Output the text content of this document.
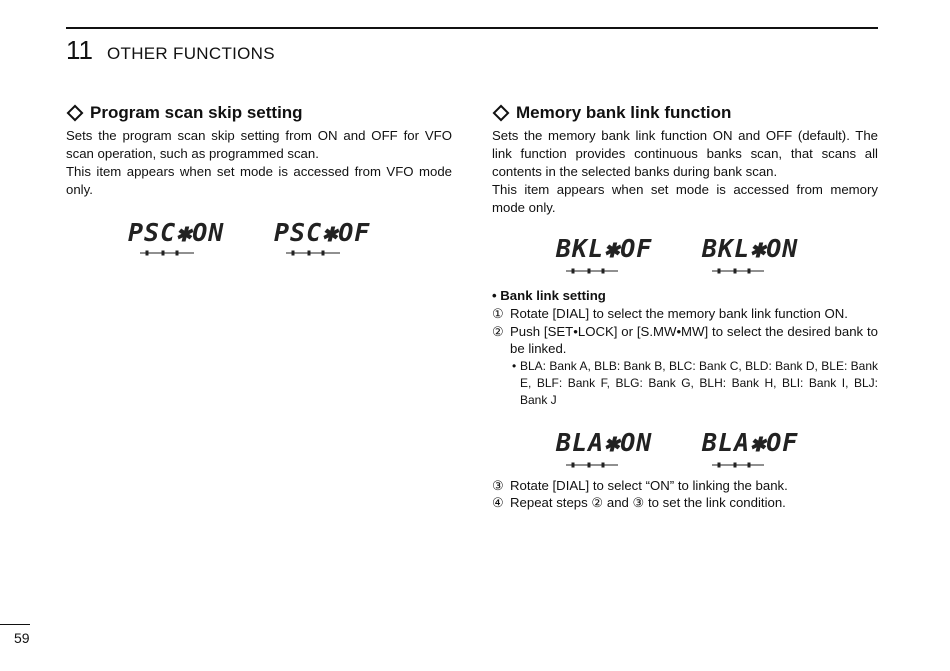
11 OTHER FUNCTIONS
Program scan skip setting

Sets the program scan skip setting from ON and OFF for VFO scan operation, such as programmed scan.

This item appears when set mode is accessed from VFO mode only.

PSC✱ON PSC✱OF
Memory bank link function

Sets the memory bank link function ON and OFF (default). The link function provides continuous banks scan, that scans all contents in the selected banks during bank scan.

This item appears when set mode is accessed from memory mode only.

BKL✱OF BKL✱ON
• Bank link setting
① Rotate [DIAL] to select the memory bank link function ON.
② Push [SET•LOCK] or [S.MW•MW] to select the desired bank to be linked.
• BLA: Bank A, BLB: Bank B, BLC: Bank C, BLD: Bank D, BLE: Bank E, BLF: Bank F, BLG: Bank G, BLH: Bank H, BLI: Bank I, BLJ: Bank J
BLA✱ON BLA✱OF
③ Rotate [DIAL] to select “ON” to linking the bank.
④ Repeat steps ② and ③ to set the link condition.
59
